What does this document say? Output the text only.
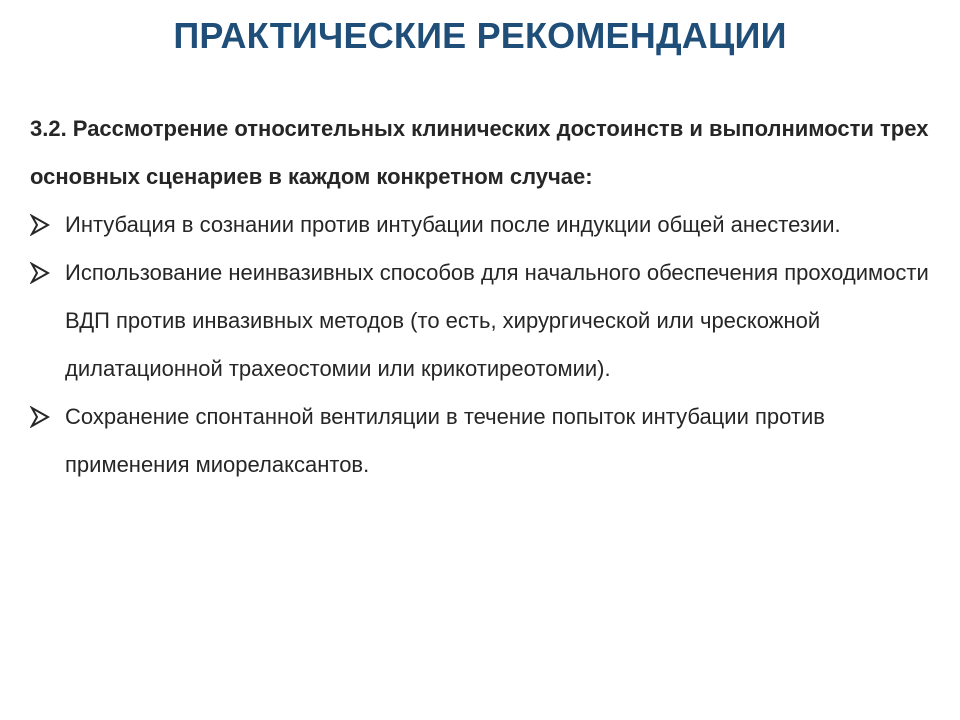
ПРАКТИЧЕСКИЕ РЕКОМЕНДАЦИИ

3.2. Рассмотрение относительных клинических достоинств и выполнимости трех основных сценариев в каждом конкретном случае:

Интубация в сознании против интубации после индукции общей анестезии.
Использование неинвазивных способов для начального обеспечения проходимости ВДП против инвазивных методов (то есть, хирургической или чрескожной дилатационной трахеостомии или крикотиреотомии).
Сохранение спонтанной вентиляции в течение попыток интубации против применения миорелаксантов.
